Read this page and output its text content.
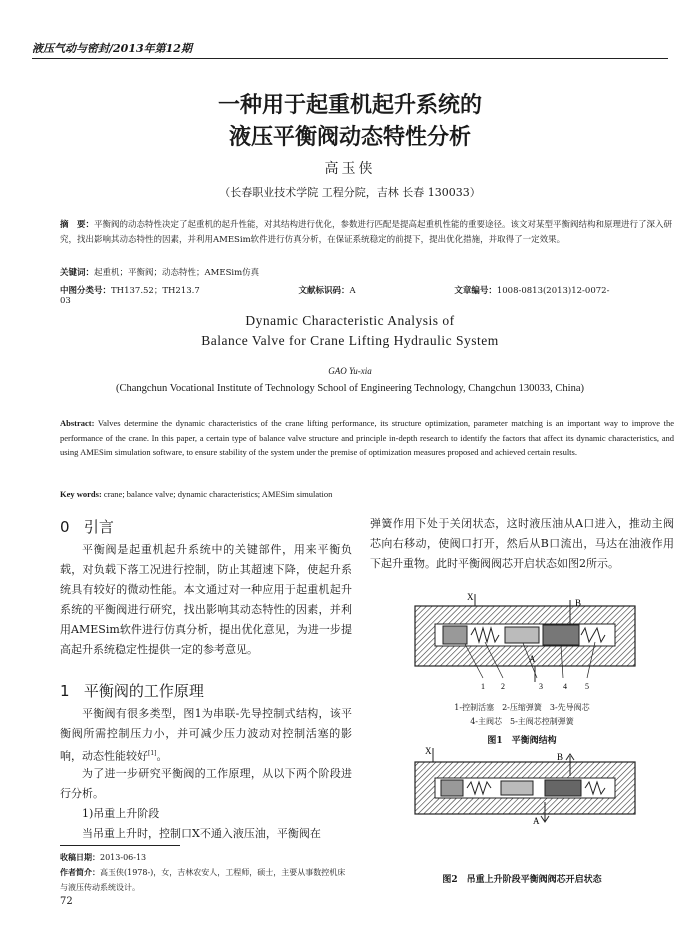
液压气动与密封/2013年第12期
一种用于起重机起升系统的
液压平衡阀动态特性分析
高玉侠
（长春职业技术学院 工程分院，吉林 长春 130033）
摘　要：平衡阀的动态特性决定了起重机的起升性能，对其结构进行优化，参数进行匹配是提高起重机性能的重要途径。该文对某型平衡阀结构和原理进行了深入研究，找出影响其动态特性的因素，并利用AMESim软件进行仿真分析，在保证系统稳定的前提下，提出优化措施，并取得了一定效果。
关键词：起重机；平衡阀；动态特性；AMESim仿真
中图分类号：TH137.52；TH213.7	文献标识码：A	文章编号：1008-0813(2013)12-0072-03
Dynamic Characteristic Analysis of
Balance Valve for Crane Lifting Hydraulic System
GAO Yu-xia
(Changchun Vocational Institute of Technology School of Engineering Technology, Changchun 130033, China)
Abstract: Valves determine the dynamic characteristics of the crane lifting performance, its structure optimization, parameter matching is an important way to improve the performance of the crane. In this paper, a certain type of balance valve structure and principle in-depth research to identify the factors that affect its dynamic characteristics, and using AMESim simulation software, to ensure stability of the system under the premise of optimization measures proposed and achieved certain results.
Key words: crane; balance valve; dynamic characteristics; AMESim simulation
0 引言
平衡阀是起重机起升系统中的关键部件，用来平衡负载，对负载下落工况进行控制，防止其超速下降，使起升系统具有较好的微动性能。本文通过对一种应用于起重机起升系统的平衡阀进行研究，找出影响其动态特性的因素，并利用AMESim软件进行仿真分析，提出优化意见，为进一步提高起升系统稳定性提供一定的参考意见。
1 平衡阀的工作原理
平衡阀有很多类型，图1为串联-先导控制式结构，该平衡阀所需控制压力小，并可减少压力波动对控制活塞的影响，动态性能较好[1]。
为了进一步研究平衡阀的工作原理，从以下两个阶段进行分析。
1)吊重上升阶段
当吊重上升时，控制口X不通入液压油，平衡阀在
收稿日期：2013-06-13
作者简介：高玉侠(1978-)，女，吉林农安人，工程师，硕士，主要从事数控机床与液压传动系统设计。
72
弹簧作用下处于关闭状态，这时液压油从A口进入，推动主阀芯向右移动，使阀口打开，然后从B口流出，马达在油液作用下起升重物。此时平衡阀阀芯开启状态如图2所示。
X
B
A
1 2	3	4 5
1-控制活塞　2-压缩弹簧　3-先导阀芯
4-主阀芯　5-主阀芯控制弹簧
图1　平衡阀结构
X
B
A
图2　吊重上升阶段平衡阀阀芯开启状态
